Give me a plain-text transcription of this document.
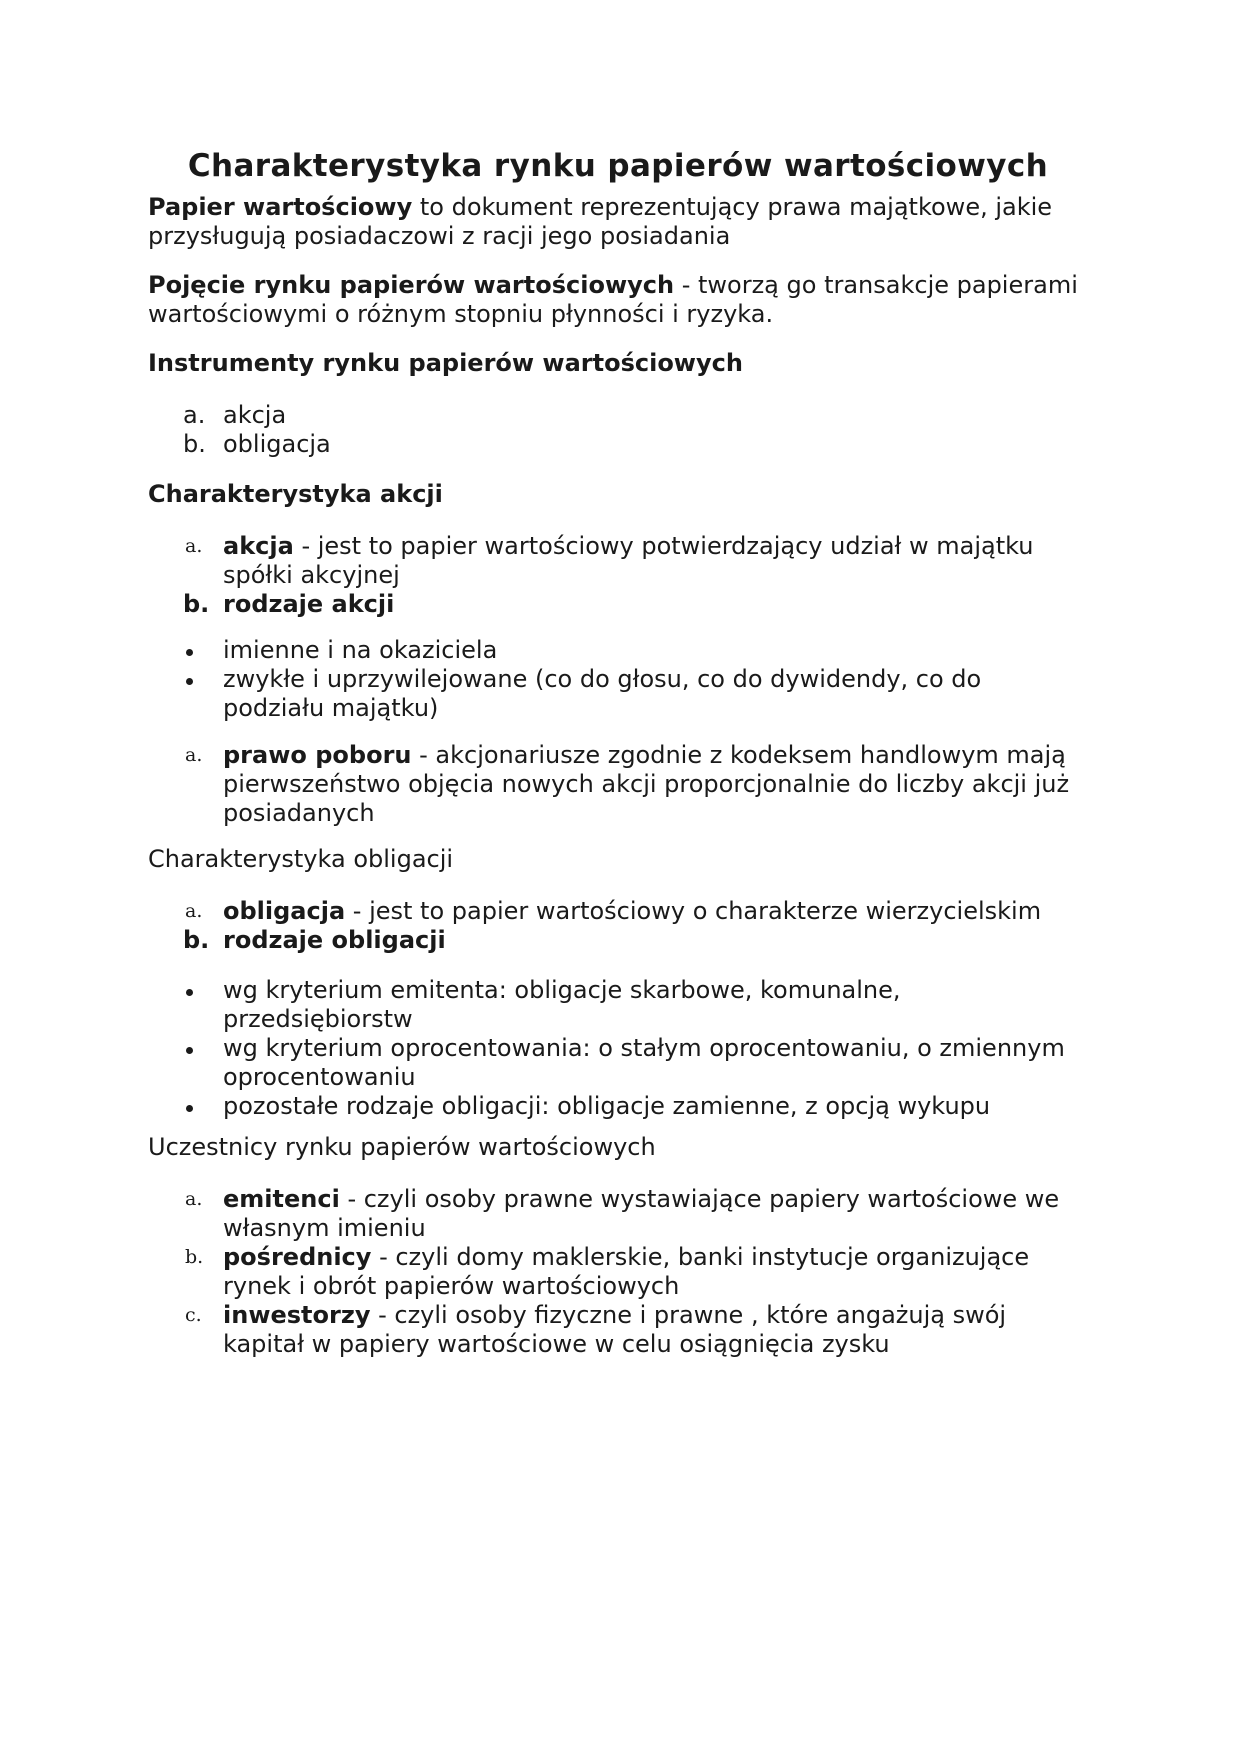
Charakterystyka rynku papierów wartościowych

Papier wartościowy to dokument reprezentujący prawa majątkowe, jakie przysługują posiadaczowi z racji jego posiadania

Pojęcie rynku papierów wartościowych - tworzą go transakcje papierami wartościowymi o różnym stopniu płynności i ryzyka.

Instrumenty rynku papierów wartościowych

a. akcja
b. obligacja

Charakterystyka akcji

a. akcja - jest to papier wartościowy potwierdzający udział w majątku spółki akcyjnej
b. rodzaje akcji
imienne i na okaziciela
zwykłe i uprzywilejowane (co do głosu, co do dywidendy, co do podziału majątku)
a. prawo poboru - akcjonariusze zgodnie z kodeksem handlowym mają pierwszeństwo objęcia nowych akcji proporcjonalnie do liczby akcji już posiadanych

Charakterystyka obligacji

a. obligacja - jest to papier wartościowy o charakterze wierzycielskim
b. rodzaje obligacji
wg kryterium emitenta: obligacje skarbowe, komunalne, przedsiębiorstw
wg kryterium oprocentowania: o stałym oprocentowaniu, o zmiennym oprocentowaniu
pozostałe rodzaje obligacji: obligacje zamienne, z opcją wykupu

Uczestnicy rynku papierów wartościowych

a. emitenci - czyli osoby prawne wystawiające papiery wartościowe we własnym imieniu
b. pośrednicy - czyli domy maklerskie, banki instytucje organizujące rynek i obrót papierów wartościowych
c. inwestorzy - czyli osoby fizyczne i prawne , które angażują swój kapitał w papiery wartościowe w celu osiągnięcia zysku
